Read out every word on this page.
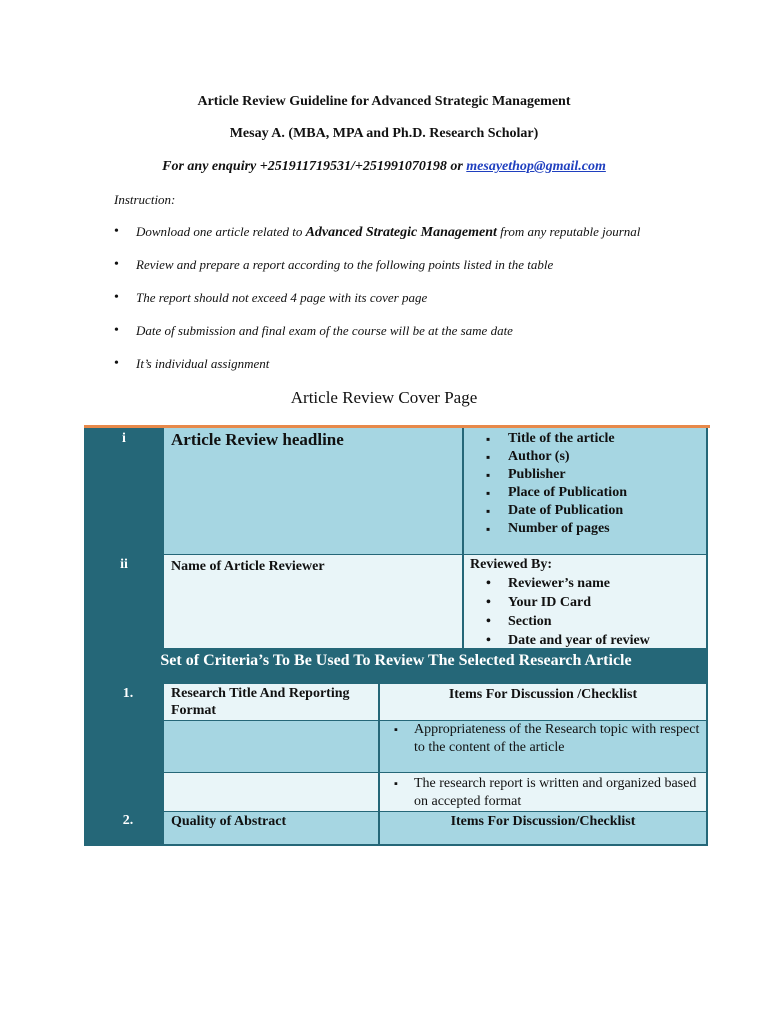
Article Review Guideline for Advanced Strategic Management
Mesay A. (MBA, MPA and Ph.D. Research Scholar)
For any enquiry +251911719531/+251991070198 or mesayethop@gmail.com
Instruction:
• Download one article related to Advanced Strategic Management from any reputable journal
• Review and prepare a report according to the following points listed in the table
• The report should not exceed 4 page with its cover page
• Date of submission and final exam of the course will be at the same date
• It’s individual assignment
Article Review Cover Page
i	Article Review headline
▪	Title of the article
▪ Author (s)
▪ Publisher
▪ Place of Publication
▪ Date of Publication
▪ Number of pages
ii	Name of Article Reviewer	Reviewed By:
• Reviewer’s name
• Your ID Card
• Section
• Date and year of review
Set of Criteria’s To Be Used To Review The Selected Research Article
1.	Research Title And Reporting Format
Items For Discussion /Checklist
▪ Appropriateness of the Research topic with respect to the content of the article
▪ The research report is written and organized based on accepted format
2.	Quality of Abstract	Items For Discussion/Checklist
